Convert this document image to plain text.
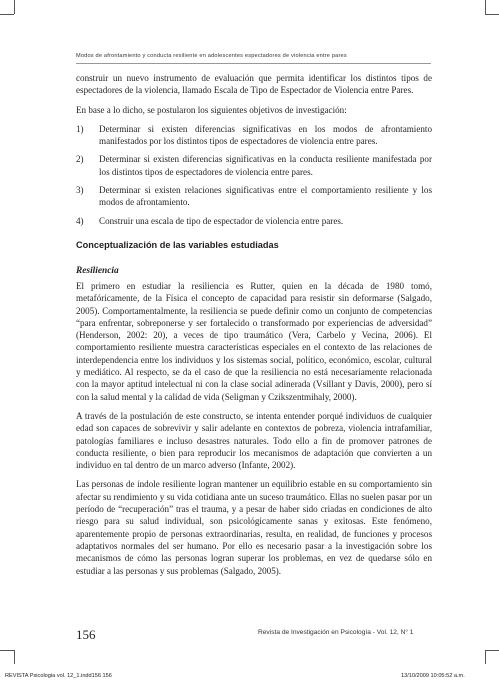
Modos de afrontamiento y conducta resiliente en adolescentes espectadores de violencia entre pares

construir un nuevo instrumento de evaluación que permita identificar los distintos tipos de espectadores de la violencia, llamado Escala de Tipo de Espectador de Violencia entre Pares.

En base a lo dicho, se postularon los siguientes objetivos de investigación:

1)	Determinar si existen diferencias significativas en los modos de afrontamiento manifestados por los distintos tipos de espectadores de violencia entre pares.
2)	Determinar si existen diferencias significativas en la conducta resiliente manifestada por los distintos tipos de espectadores de violencia entre pares.
3)	Determinar si existen relaciones significativas entre el comportamiento resiliente y los modos de afrontamiento.
4)	Construir una escala de tipo de espectador de violencia entre pares.
Conceptualización de las variables estudiadas
Resiliencia

El primero en estudiar la resiliencia es Rutter, quien en la década de 1980 tomó, metafóricamente, de la Física el concepto de capacidad para resistir sin deformarse (Salgado, 2005). Comportamentalmente, la resiliencia se puede definir como un conjunto de competencias “para enfrentar, sobreponerse y ser fortalecido o transformado por experiencias de adversidad” (Henderson, 2002: 20), a veces de tipo traumático (Vera, Carbelo y Vecina, 2006). El comportamiento resiliente muestra características especiales en el contexto de las relaciones de interdependencia entre los individuos y los sistemas social, político, económico, escolar, cultural y mediático. Al respecto, se da el caso de que la resiliencia no está necesariamente relacionada con la mayor aptitud intelectual ni con la clase social adinerada (Vsillant y Davis, 2000), pero sí con la salud mental y la calidad de vida (Seligman y Czikszentmihaly, 2000).

A través de la postulación de este constructo, se intenta entender porqué individuos de cualquier edad son capaces de sobrevivir y salir adelante en contextos de pobreza, violencia intrafamiliar, patologías familiares e incluso desastres naturales. Todo ello a fin de promover patrones de conducta resiliente, o bien para reproducir los mecanismos de adaptación que convierten a un individuo en tal dentro de un marco adverso (Infante, 2002).

Las personas de índole resiliente logran mantener un equilibrio estable en su comportamiento sin afectar su rendimiento y su vida cotidiana ante un suceso traumático. Ellas no suelen pasar por un período de “recuperación” tras el trauma, y a pesar de haber sido criadas en condiciones de alto riesgo para su salud individual, son psicológicamente sanas y exitosas. Este fenómeno, aparentemente propio de personas extraordinarias, resulta, en realidad, de funciones y procesos adaptativos normales del ser humano. Por ello es necesario pasar a la investigación sobre los mecanismos de cómo las personas logran superar los problemas, en vez de quedarse sólo en estudiar a las personas y sus problemas (Salgado, 2005).

156	Revista de Investigación en Psicología - Vol. 12, N° 1
REVISTA Psicologia vol. 12_1.indd156 156	13/10/2009 10:05:52 a.m.
